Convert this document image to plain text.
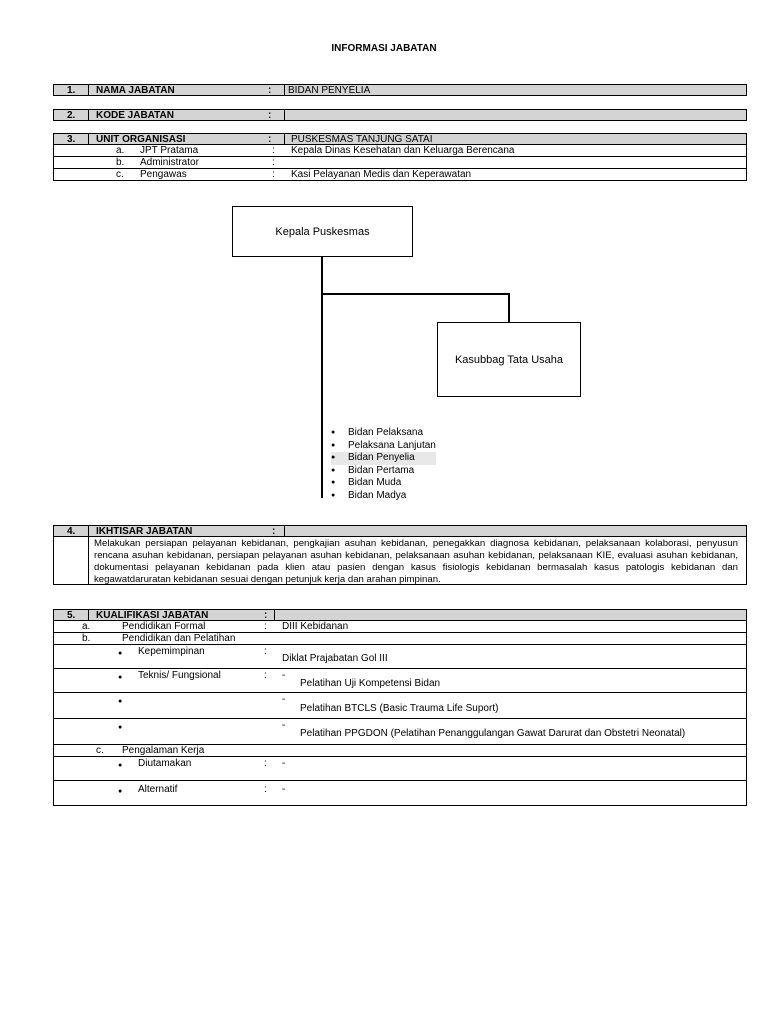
INFORMASI JABATAN
1. NAMA JABATAN	: BIDAN PENYELIA
2. KODE JABATAN	:
3. UNIT ORGANISASI	: PUSKESMAS TANJUNG SATAI
a. JPT Pratama	: Kepala Dinas Kesehatan dan Keluarga Berencana
b. Administrator	:
c. Pengawas	: Kasi Pelayanan Medis dan Keperawatan
Kepala Puskesmas
Kasubbag Tata Usaha
● Bidan Pelaksana
● Pelaksana Lanjutan
● Bidan Penyelia
● Bidan Pertama
● Bidan Muda
● Bidan Madya
4. IKHTISAR JABATAN	:
Melakukan persiapan pelayanan kebidanan, pengkajian asuhan kebidanan, penegakkan diagnosa kebidanan, pelaksanaan kolaborasi, penyusun rencana asuhan kebidanan, persiapan pelayanan asuhan kebidanan, pelaksanaan asuhan kebidanan, pelaksanaan KIE, evaluasi asuhan kebidanan, dokumentasi pelayanan kebidanan pada klien atau pasien dengan kasus fisiologis kebidanan bermasalah kasus patologis kebidanan dan kegawatdaruratan kebidanan sesuai dengan petunjuk kerja dan arahan pimpinan.
5. KUALIFIKASI JABATAN	:
a.	Pendidikan Formal	: DIII Kebidanan
b.	Pendidikan dan Pelatihan
● Kepemimpinan	:
Diklat Prajabatan Gol III
● Teknis/ Fungsional	: -
Pelatihan Uji Kompetensi Bidan
●	-
Pelatihan BTCLS (Basic Trauma Life Suport)
●	-
Pelatihan PPGDON (Pelatihan Penanggulangan Gawat Darurat dan Obstetri Neonatal)
c. Pengalaman Kerja
● Diutamakan	: -
● Alternatif	: -
